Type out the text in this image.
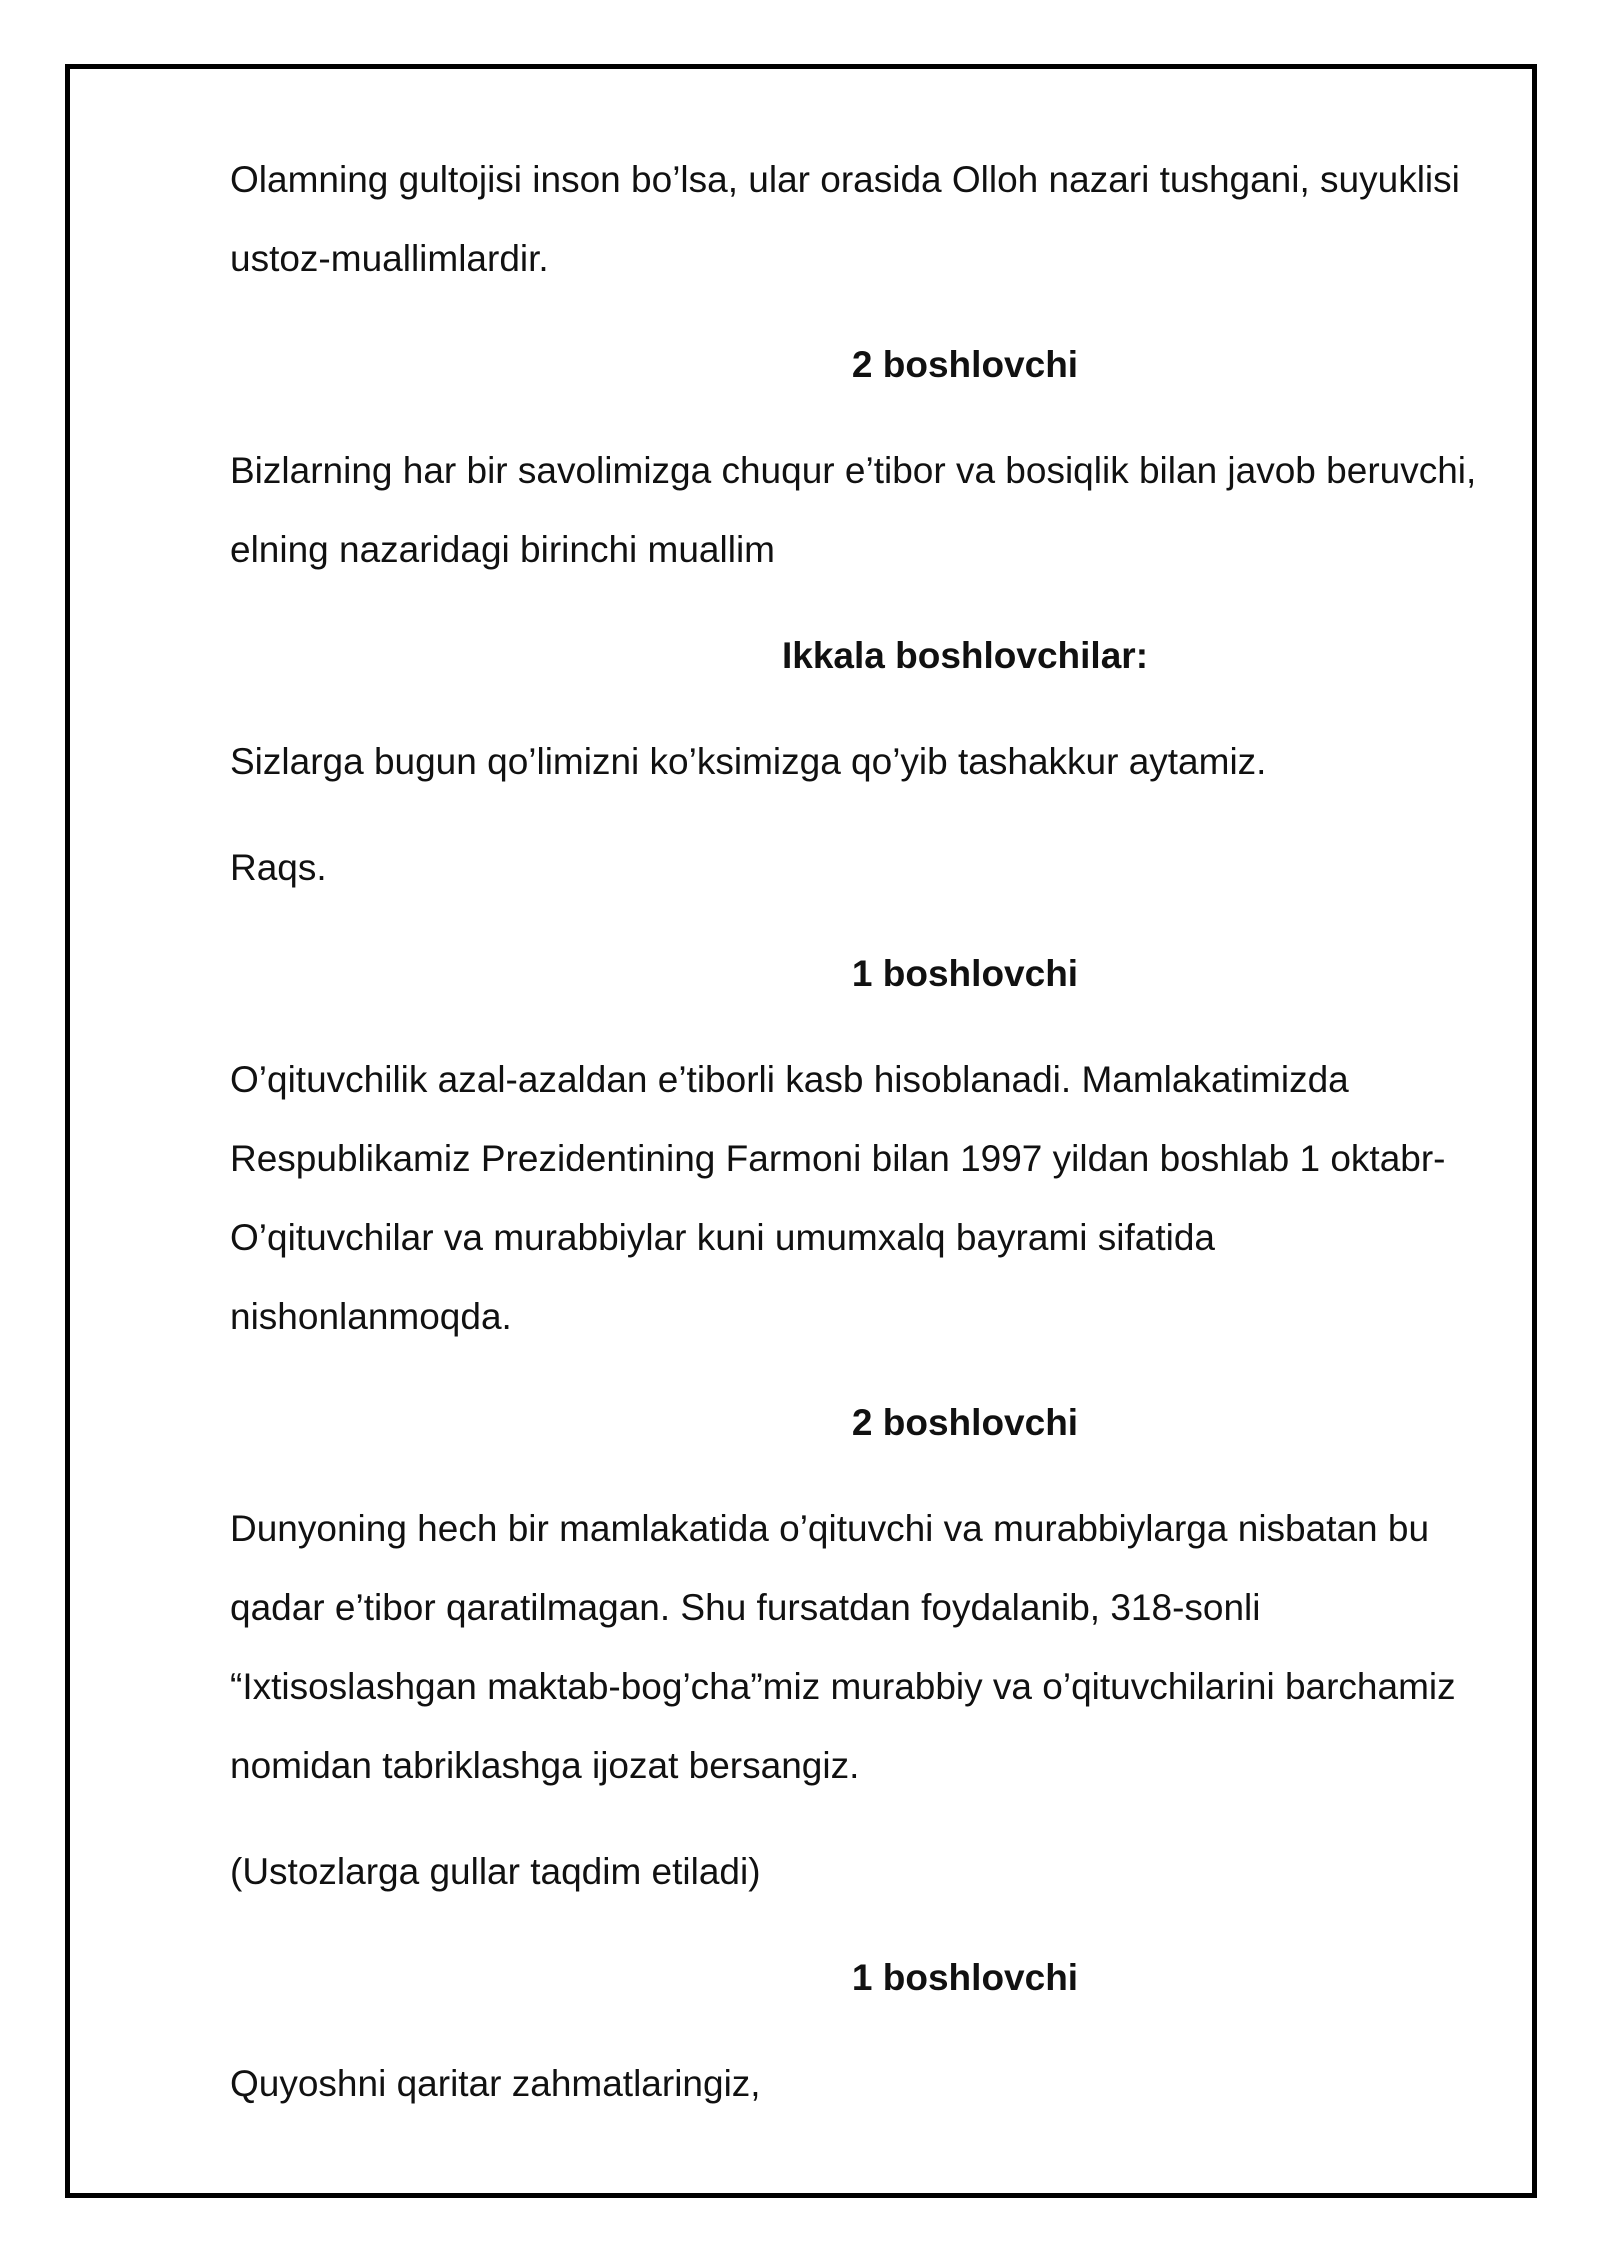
Olamning gultojisi inson bo’lsa, ular orasida Olloh nazari tushgani, suyuklisi ustoz-muallimlardir.

2 boshlovchi

Bizlarning har bir savolimizga chuqur e’tibor va bosiqlik bilan javob beruvchi, elning nazaridagi birinchi muallim

Ikkala boshlovchilar:

Sizlarga bugun qo’limizni ko’ksimizga qo’yib tashakkur aytamiz.

Raqs.

1 boshlovchi

O’qituvchilik azal-azaldan e’tiborli kasb hisoblanadi. Mamlakatimizda Respublikamiz Prezidentining Farmoni bilan 1997 yildan boshlab 1 oktabr- O’qituvchilar va murabbiylar kuni umumxalq bayrami sifatida nishonlanmoqda.

2 boshlovchi

Dunyoning hech bir mamlakatida o’qituvchi va murabbiylarga nisbatan bu qadar e’tibor qaratilmagan. Shu fursatdan foydalanib, 318-sonli “Ixtisoslashgan maktab-bog’cha”miz murabbiy va o’qituvchilarini barchamiz nomidan tabriklashga ijozat bersangiz.

(Ustozlarga gullar taqdim etiladi)

1 boshlovchi

Quyoshni qaritar zahmatlaringiz,
